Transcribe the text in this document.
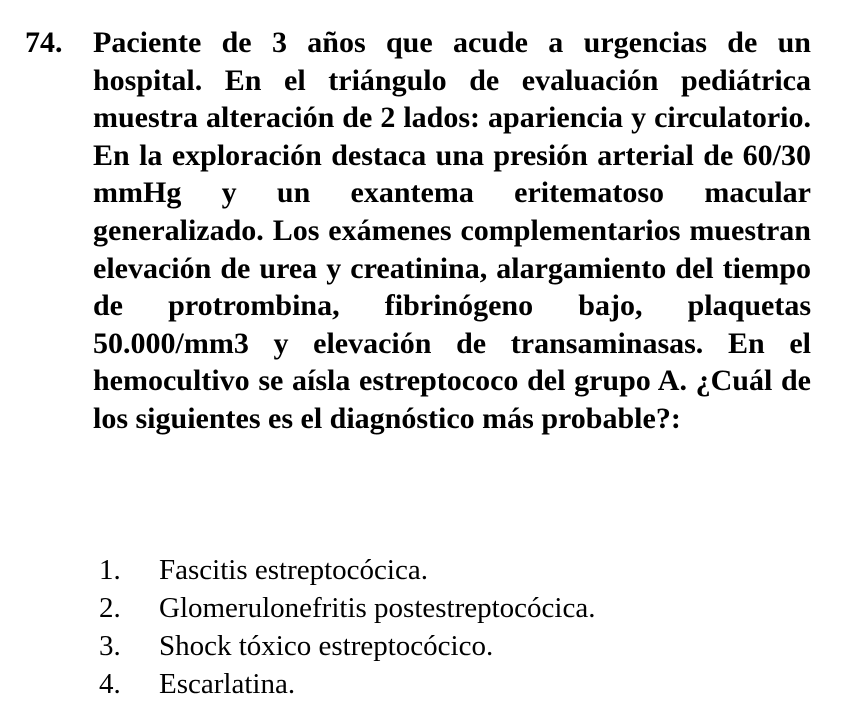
74.	Paciente de 3 años que acude a urgencias de un hospital. En el triángulo de evaluación pediátrica muestra alteración de 2 lados: apariencia y circulatorio. En la exploración destaca una presión arterial de 60/30 mmHg y un exantema eritematoso macular generalizado. Los exámenes complementarios muestran elevación de urea y creatinina, alargamiento del tiempo de protrombina, fibrinógeno bajo, plaquetas 50.000/mm3 y elevación de transaminasas. En el hemocultivo se aísla estreptococo del grupo A. ¿Cuál de los siguientes es el diagnóstico más probable?:

1.	Fascitis estreptocócica.
2.	Glomerulonefritis postestreptocócica.
3.	Shock tóxico estreptocócico.
4.	Escarlatina.
